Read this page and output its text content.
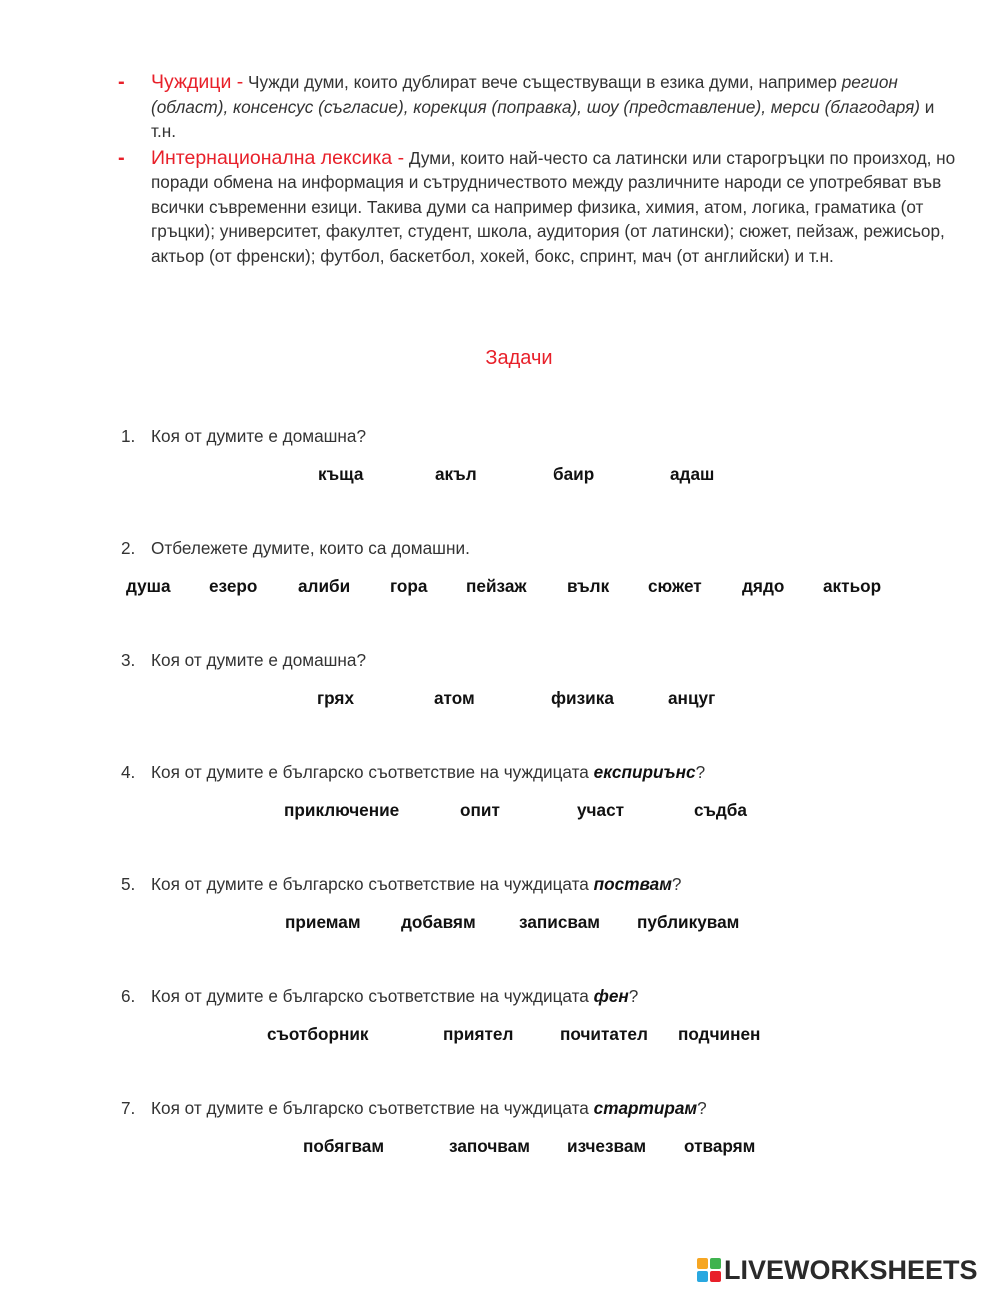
-	Чуждици - Чужди думи, които дублират вече съществуващи в езика думи, например регион (област), консенсус (съгласие), корекция (поправка), шоу (представление), мерси (благодаря) и т.н.
-	Интернационална лексика - Думи, които най-често са латински или старогръцки по произход, но поради обмена на информация и сътрудничеството между различните народи се употребяват във всички съвременни езици. Такива думи са например физика, химия, атом, логика, граматика (от гръцки); университет, факултет, студент, школа, аудитория (от латински); сюжет, пейзаж, режисьор, актьор (от френски); футбол, баскетбол, хокей, бокс, спринт, мач (от английски) и т.н.
Задачи
1. Коя от думите е домашна?
къща	акъл	баир	адаш
2. Отбележете думите, които са домашни.
душа езеро алиби гора пейзаж вълк сюжет дядо актьор
3. Коя от думите е домашна?
грях	атом	физика	анцуг
4. Коя от думите е българско съответствие на чуждицата експириънс?
приключение	опит	участ	съдба
5. Коя от думите е българско съответствие на чуждицата поствам?
приемам добавям	записвам публикувам
6. Коя от думите е българско съответствие на чуждицата фен?
съотборник	приятел	почитател подчинен
7. Коя от думите е българско съответствие на чуждицата стартирам?
побягвам	започвам изчезвам отварям
LIVEWORKSHEETS
